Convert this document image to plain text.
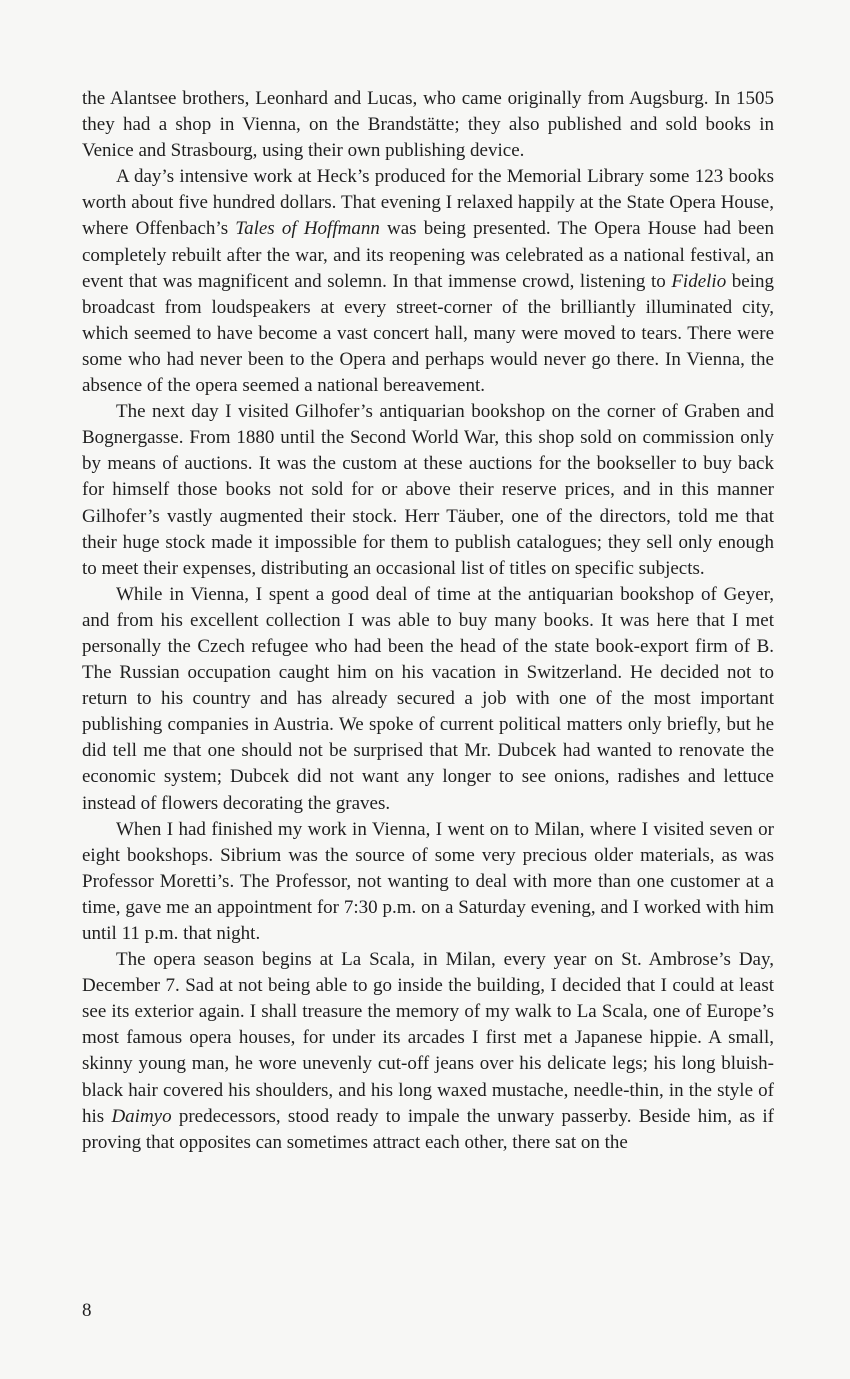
the Alantsee brothers, Leonhard and Lucas, who came originally from Augsburg. In 1505 they had a shop in Vienna, on the Brandstätte; they also published and sold books in Venice and Strasbourg, using their own publishing device.

A day’s intensive work at Heck’s produced for the Memorial Library some 123 books worth about five hundred dollars. That evening I relaxed happily at the State Opera House, where Offenbach’s Tales of Hoffmann was being presented. The Opera House had been completely rebuilt after the war, and its reopening was celebrated as a national festival, an event that was magnificent and solemn. In that immense crowd, listening to Fidelio being broadcast from loudspeakers at every street-corner of the brilliantly illuminated city, which seemed to have become a vast concert hall, many were moved to tears. There were some who had never been to the Opera and perhaps would never go there. In Vienna, the absence of the opera seemed a national bereavement.

The next day I visited Gilhofer’s antiquarian bookshop on the corner of Graben and Bognergasse. From 1880 until the Second World War, this shop sold on commission only by means of auctions. It was the custom at these auctions for the bookseller to buy back for himself those books not sold for or above their reserve prices, and in this manner Gilhofer’s vastly augmented their stock. Herr Täuber, one of the directors, told me that their huge stock made it impossible for them to publish catalogues; they sell only enough to meet their expenses, distributing an occasional list of titles on specific subjects.

While in Vienna, I spent a good deal of time at the antiquarian bookshop of Geyer, and from his excellent collection I was able to buy many books. It was here that I met personally the Czech refugee who had been the head of the state book-export firm of B. The Russian occupation caught him on his vacation in Switzerland. He decided not to return to his country and has already secured a job with one of the most important publishing companies in Austria. We spoke of current political matters only briefly, but he did tell me that one should not be surprised that Mr. Dubcek had wanted to renovate the economic system; Dubcek did not want any longer to see onions, radishes and lettuce instead of flowers decorating the graves.

When I had finished my work in Vienna, I went on to Milan, where I visited seven or eight bookshops. Sibrium was the source of some very precious older materials, as was Professor Moretti’s. The Professor, not wanting to deal with more than one customer at a time, gave me an appointment for 7:30 p.m. on a Saturday evening, and I worked with him until 11 p.m. that night.

The opera season begins at La Scala, in Milan, every year on St. Ambrose’s Day, December 7. Sad at not being able to go inside the building, I decided that I could at least see its exterior again. I shall treasure the memory of my walk to La Scala, one of Europe’s most famous opera houses, for under its arcades I first met a Japanese hippie. A small, skinny young man, he wore unevenly cut-off jeans over his delicate legs; his long bluish-black hair covered his shoulders, and his long waxed mustache, needle-thin, in the style of his Daimyo predecessors, stood ready to impale the unwary passerby. Beside him, as if proving that opposites can sometimes attract each other, there sat on the

8
